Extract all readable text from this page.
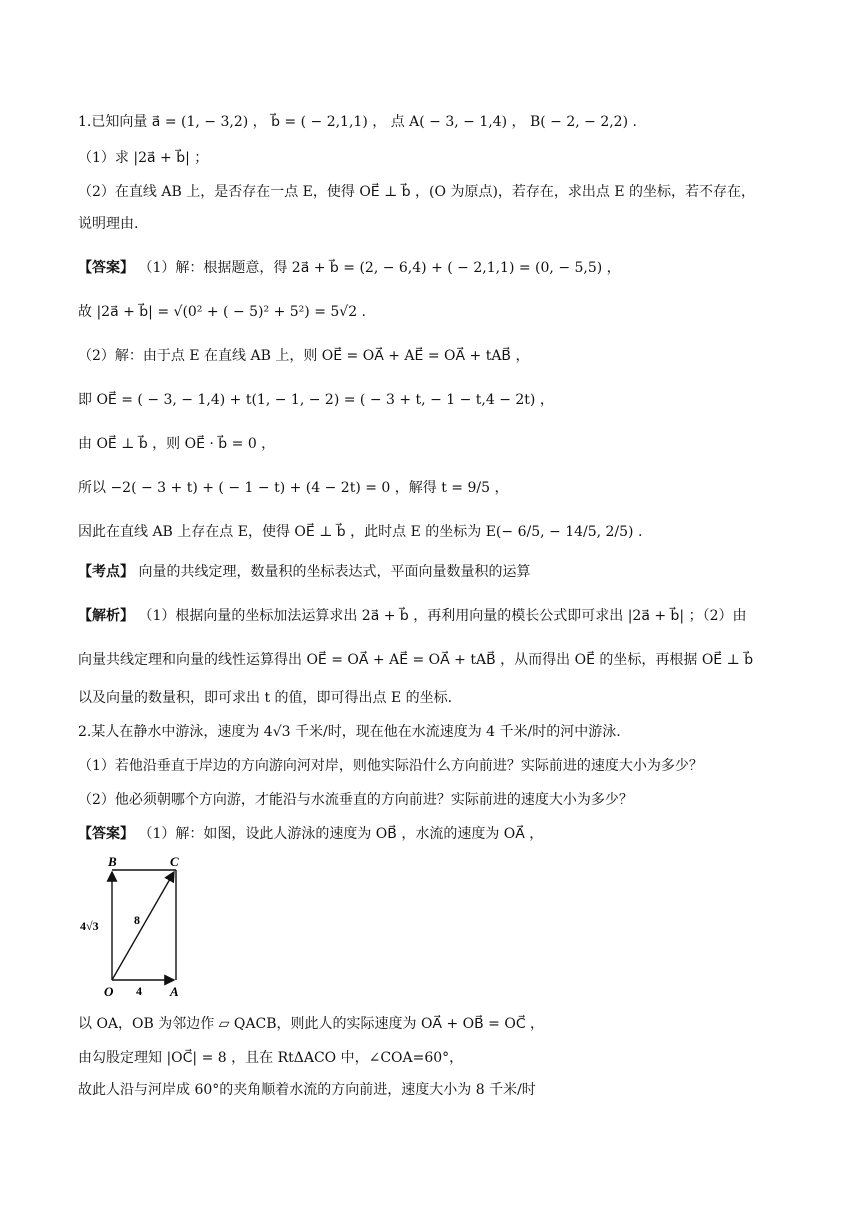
1.已知向量 a⃗ = (1, − 3,2) ， b⃗ = ( − 2,1,1) ， 点 A( − 3, − 1,4) ， B( − 2, − 2,2) .
（1）求 |2a⃗ + b⃗| ；
（2）在直线 AB 上，是否存在一点 E，使得 OE⃗ ⊥ b⃗ ，(O 为原点)，若存在，求出点 E 的坐标，若不存在，
说明理由.
【答案】 （1）解：根据题意，得 2a⃗ + b⃗ = (2, − 6,4) + ( − 2,1,1) = (0, − 5,5) ，
故 |2a⃗ + b⃗| = √(0² + ( − 5)² + 5²) = 5√2 .
（2）解：由于点 E 在直线 AB 上，则 OE⃗ = OA⃗ + AE⃗ = OA⃗ + tAB⃗ ，
即 OE⃗ = ( − 3, − 1,4) + t(1, − 1, − 2) = ( − 3 + t, − 1 − t,4 − 2t) ，
由 OE⃗ ⊥ b⃗ ，则 OE⃗ · b⃗ = 0 ，
所以 −2( − 3 + t) + ( − 1 − t) + (4 − 2t) = 0 ，解得 t = 9/5 ，
因此在直线 AB 上存在点 E，使得 OE⃗ ⊥ b⃗ ，此时点 E 的坐标为 E(− 6/5, − 14/5, 2/5) .
【考点】 向量的共线定理，数量积的坐标表达式，平面向量数量积的运算
【解析】 （1）根据向量的坐标加法运算求出 2a⃗ + b⃗ ，再利用向量的模长公式即可求出 |2a⃗ + b⃗| ；（2）由
向量共线定理和向量的线性运算得出 OE⃗ = OA⃗ + AE⃗ = OA⃗ + tAB⃗ ，从而得出 OE⃗ 的坐标，再根据 OE⃗ ⊥ b⃗
以及向量的数量积，即可求出 t 的值，即可得出点 E 的坐标.
2.某人在静水中游泳，速度为 4√3 千米/时，现在他在水流速度为 4 千米/时的河中游泳.
（1）若他沿垂直于岸边的方向游向河对岸，则他实际沿什么方向前进？实际前进的速度大小为多少？
（2）他必须朝哪个方向游，才能沿与水流垂直的方向前进？实际前进的速度大小为多少？
【答案】 （1）解：如图，设此人游泳的速度为 OB⃗ ，水流的速度为 OA⃗ ，
B	C
O	A
4√3	8
4
以 OA，OB 为邻边作 ▱ QACB，则此人的实际速度为 OA⃗ + OB⃗ = OC⃗ ，
由勾股定理知 |OC⃗| = 8 ，且在 RtΔACO 中，∠COA=60°，
故此人沿与河岸成 60°的夹角顺着水流的方向前进，速度大小为 8 千米/时
